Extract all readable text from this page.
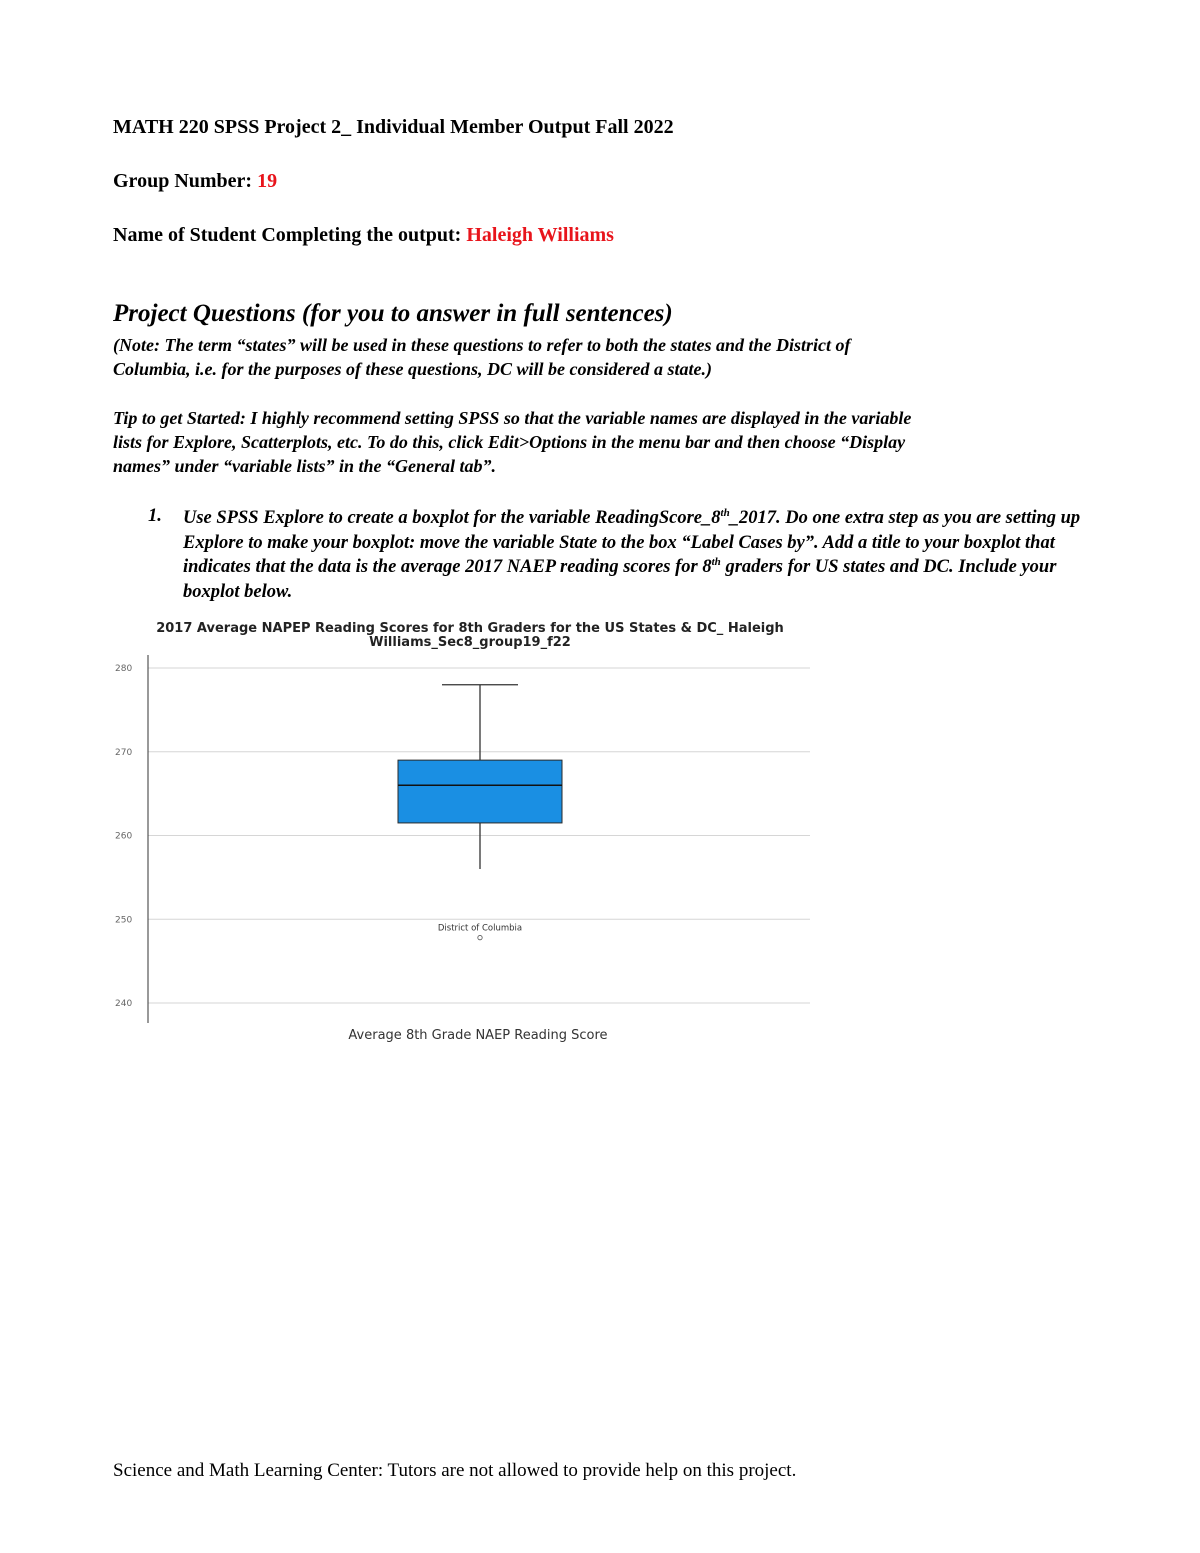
MATH 220 SPSS Project 2_ Individual Member Output Fall 2022
Group Number: 19
Name of Student Completing the output: Haleigh Williams
Project Questions (for you to answer in full sentences)
(Note: The term “states” will be used in these questions to refer to both the states and the District of
Columbia, i.e. for the purposes of these questions, DC will be considered a state.)
Tip to get Started: I highly recommend setting SPSS so that the variable names are displayed in the variable
lists for Explore, Scatterplots, etc. To do this, click Edit>Options in the menu bar and then choose “Display
names” under “variable lists” in the “General tab”.
1. Use SPSS Explore to create a boxplot for the variable ReadingScore_8th_2017. Do one extra step as you are setting up Explore to make your boxplot: move the variable State to the box “Label Cases by”. Add a title to your boxplot that indicates that the data is the average 2017 NAEP reading scores for 8th graders for US states and DC. Include your boxplot below.
2017 Average NAPEP Reading Scores for 8th Graders for the US States & DC_ Haleigh
Williams_Sec8_group19_f22
240
250
260
270
280
District of Columbia
Average 8th Grade NAEP Reading Score
Science and Math Learning Center: Tutors are not allowed to provide help on this project.
